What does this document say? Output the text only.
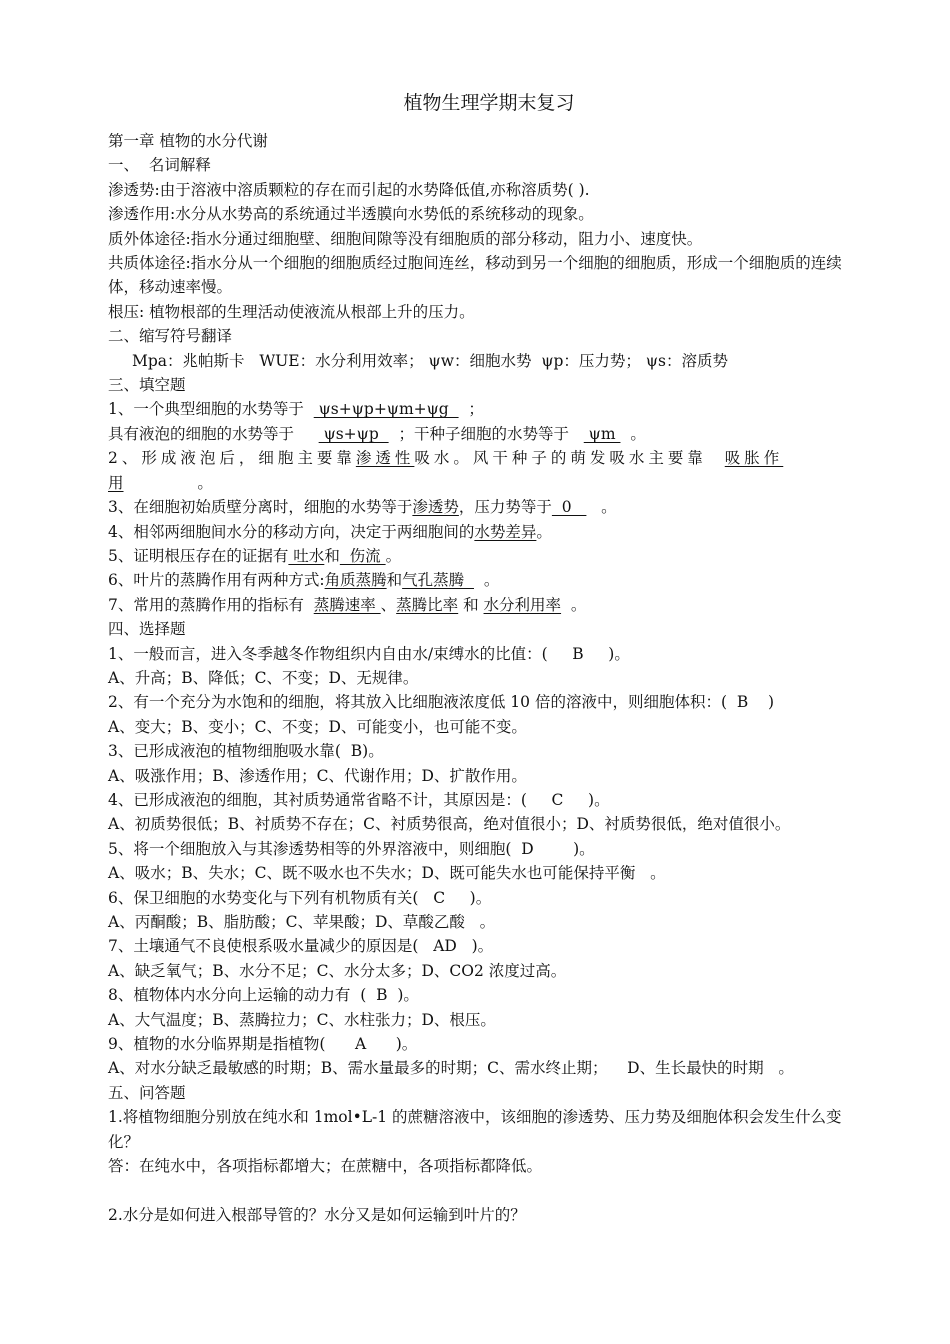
植物生理学期末复习
第一章 植物的水分代谢
一、  名词解释
渗透势:由于溶液中溶质颗粒的存在而引起的水势降低值,亦称溶质势( ).
渗透作用:水分从水势高的系统通过半透膜向水势低的系统移动的现象。
质外体途径:指水分通过细胞壁、细胞间隙等没有细胞质的部分移动，阻力小、速度快。
共质体途径:指水分从一个细胞的细胞质经过胞间连丝，移动到另一个细胞的细胞质，形成一个细胞质的连续体，移动速率慢。
根压: 植物根部的生理活动使液流从根部上升的压力。
二、缩写符号翻译
Mpa：兆帕斯卡   WUE：水分利用效率； ψw：细胞水势  ψp：压力势； ψs：溶质势
三、填空题
1、一个典型细胞的水势等于   ψs+ψp+ψm+ψg    ；
具有液泡的细胞的水势等于      ψs+ψp    ；干种子细胞的水势等于    ψm   。
2、形成液泡后，细胞主要靠渗透性吸水。风干种子的萌发吸水主要靠  吸胀作
用               。
3、在细胞初始质壁分离时，细胞的水势等于渗透势，压力势等于  0      。
4、相邻两细胞间水分的移动方向，决定于两细胞间的水势差异。
5、证明根压存在的证据有 吐水和  伤流 。
6、叶片的蒸腾作用有两种方式:角质蒸腾和气孔蒸腾    。
7、常用的蒸腾作用的指标有  蒸腾速率 、蒸腾比率 和 水分利用率  。
四、选择题
1、一般而言，进入冬季越冬作物组织内自由水/束缚水的比值：(     B     )。
A、升高；B、降低；C、不变；D、无规律。
2、有一个充分为水饱和的细胞，将其放入比细胞液浓度低 10 倍的溶液中，则细胞体积：(  B    )
A、变大；B、变小；C、不变；D、可能变小，也可能不变。
3、已形成液泡的植物细胞吸水靠(  B)。
A、吸涨作用；B、渗透作用；C、代谢作用；D、扩散作用。
4、已形成液泡的细胞，其衬质势通常省略不计，其原因是：(     C     )。
A、初质势很低；B、衬质势不存在；C、衬质势很高，绝对值很小；D、衬质势很低，绝对值很小。
5、将一个细胞放入与其渗透势相等的外界溶液中，则细胞(  D        )。
A、吸水；B、失水；C、既不吸水也不失水；D、既可能失水也可能保持平衡   。
6、保卫细胞的水势变化与下列有机物质有关(   C     )。
A、丙酮酸；B、脂肪酸；C、苹果酸；D、草酸乙酸   。
7、土壤通气不良使根系吸水量减少的原因是(   AD   )。
A、缺乏氧气；B、水分不足；C、水分太多；D、CO2 浓度过高。
8、植物体内水分向上运输的动力有  (  B  )。
A、大气温度；B、蒸腾拉力；C、水柱张力；D、根压。
9、植物的水分临界期是指植物(      A      )。
A、对水分缺乏最敏感的时期；B、需水量最多的时期；C、需水终止期；    D、生长最快的时期   。
五、问答题
1.将植物细胞分别放在纯水和 1mol•L-1 的蔗糖溶液中，该细胞的渗透势、压力势及细胞体积会发生什么变化？
答：在纯水中，各项指标都增大；在蔗糖中，各项指标都降低。
2.水分是如何进入根部导管的？水分又是如何运输到叶片的？
